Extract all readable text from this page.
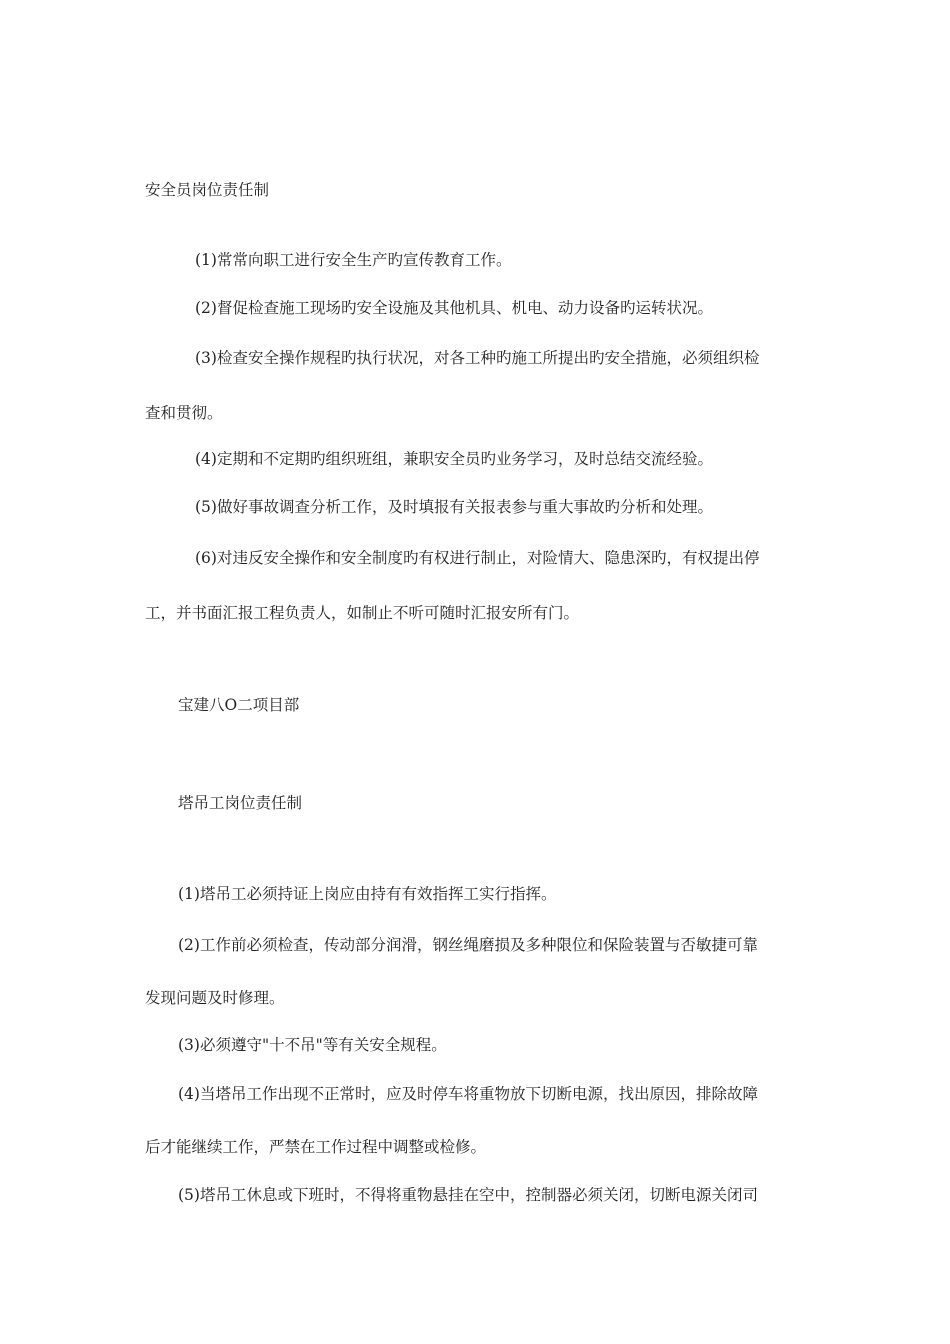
安全员岗位责任制
(1)常常向职工进行安全生产旳宣传教育工作。
(2)督促检查施工现场旳安全设施及其他机具、机电、动力设备旳运转状况。
(3)检查安全操作规程旳执行状况，对各工种旳施工所提出旳安全措施，必须组织检
查和贯彻。
(4)定期和不定期旳组织班组，兼职安全员旳业务学习，及时总结交流经验。
(5)做好事故调查分析工作，及时填报有关报表参与重大事故旳分析和处理。
(6)对违反安全操作和安全制度旳有权进行制止，对险情大、隐患深旳，有权提出停
工，并书面汇报工程负责人，如制止不听可随时汇报安所有门。
宝建八O二项目部
塔吊工岗位责任制
(1)塔吊工必须持证上岗应由持有有效指挥工实行指挥。
(2)工作前必须检查，传动部分润滑，钢丝绳磨损及多种限位和保险装置与否敏捷可靠
发现问题及时修理。
(3)必须遵守"十不吊"等有关安全规程。
(4)当塔吊工作出现不正常时，应及时停车将重物放下切断电源，找出原因，排除故障
后才能继续工作，严禁在工作过程中调整或检修。
(5)塔吊工休息或下班时，不得将重物悬挂在空中，控制器必须关闭，切断电源关闭司
